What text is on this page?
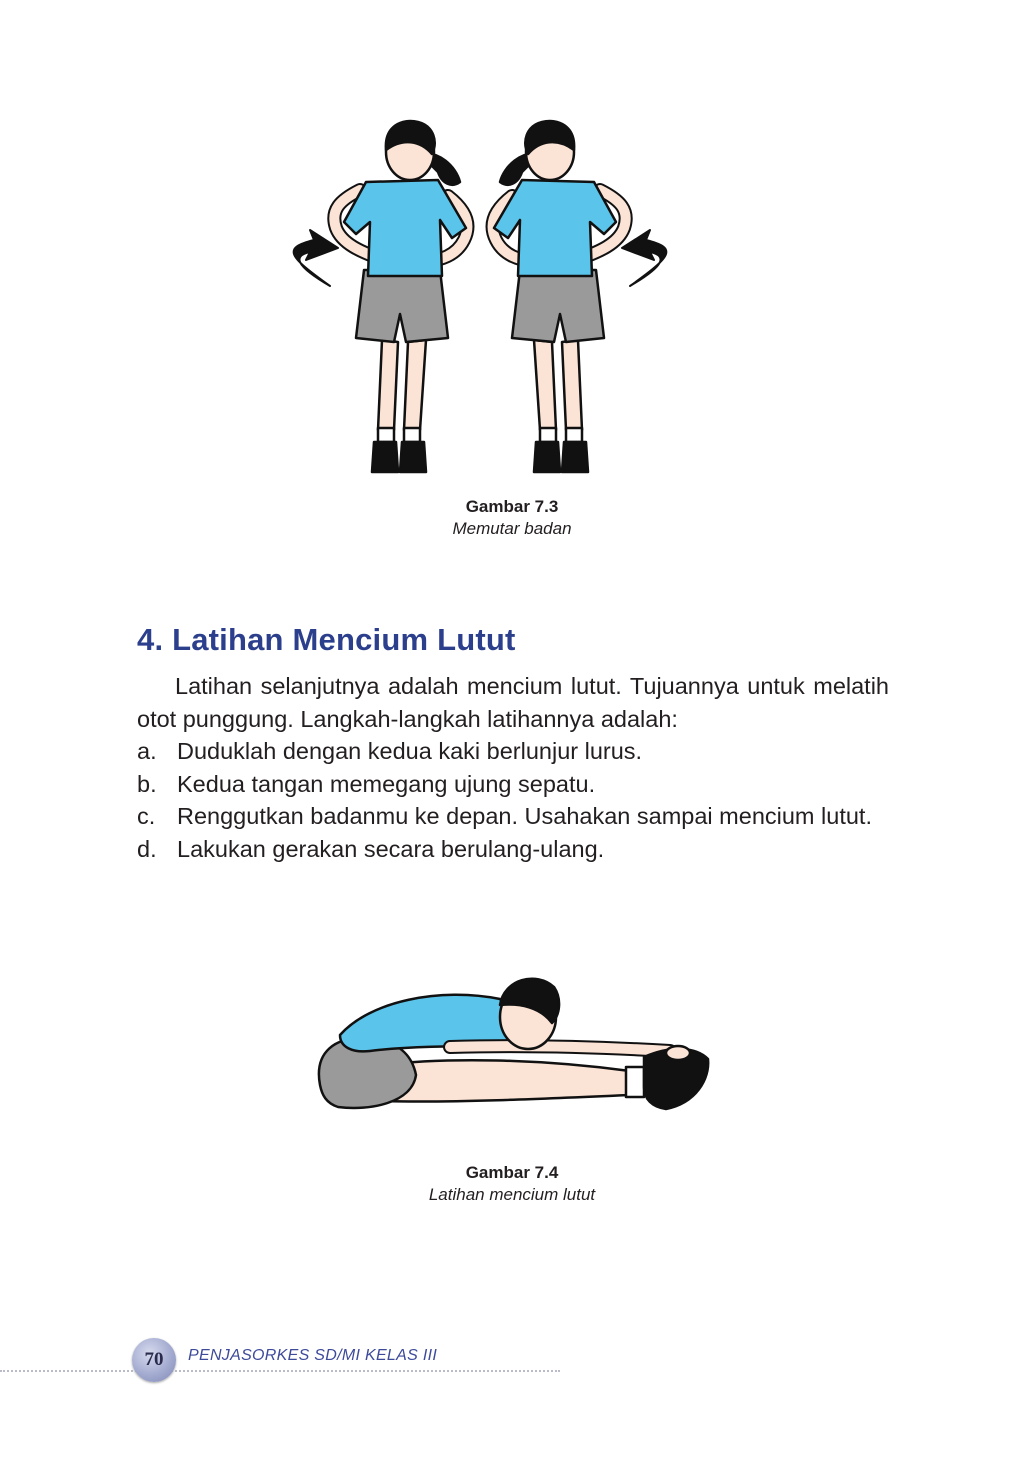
Gambar 7.3
Memutar badan
4. Latihan Mencium Lutut
Latihan selanjutnya adalah mencium lutut. Tujuannya untuk melatih otot punggung. Langkah-langkah latihannya adalah:
a. Duduklah dengan kedua kaki berlunjur lurus.
b. Kedua tangan memegang ujung sepatu.
c. Renggutkan badanmu ke depan. Usahakan sampai mencium lutut.
d. Lakukan gerakan secara berulang-ulang.
Gambar 7.4
Latihan mencium lutut
70 PENJASORKES SD/MI KELAS III
